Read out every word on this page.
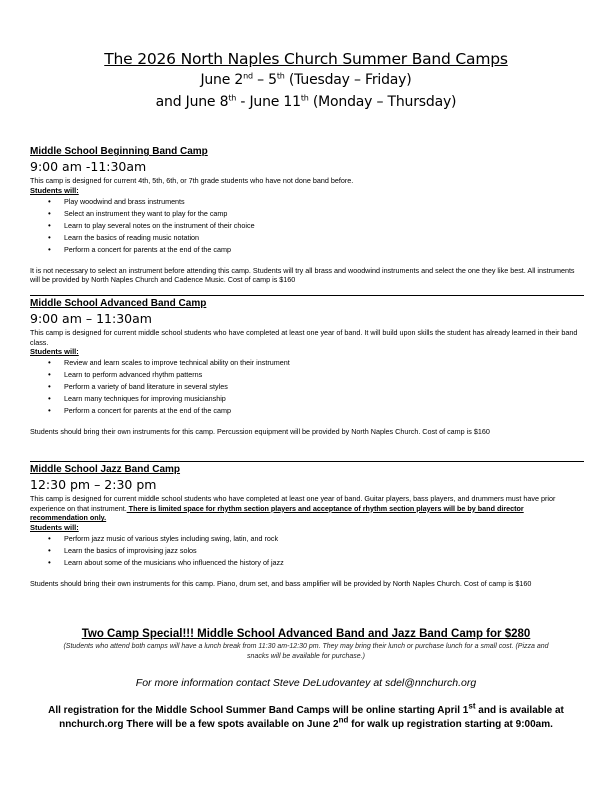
The 2026 North Naples Church Summer Band Camps
June 2nd – 5th (Tuesday – Friday)
and June 8th - June 11th (Monday – Thursday)
Middle School Beginning Band Camp
9:00 am -11:30am
This camp is designed for current 4th, 5th, 6th, or 7th grade students who have not done band before.
Students will:
• Play woodwind and brass instruments
• Select an instrument they want to play for the camp
• Learn to play several notes on the instrument of their choice
• Learn the basics of reading music notation
• Perform a concert for parents at the end of the camp
It is not necessary to select an instrument before attending this camp. Students will try all brass and woodwind instruments and select the one they like best. All instruments will be provided by North Naples Church and Cadence Music. Cost of camp is $160
Middle School Advanced Band Camp
9:00 am – 11:30am
This camp is designed for current middle school students who have completed at least one year of band. It will build upon skills the student has already learned in their band class.
Students will:
• Review and learn scales to improve technical ability on their instrument
• Learn to perform advanced rhythm patterns
• Perform a variety of band literature in several styles
• Learn many techniques for improving musicianship
• Perform a concert for parents at the end of the camp
Students should bring their own instruments for this camp. Percussion equipment will be provided by North Naples Church. Cost of camp is $160
Middle School Jazz Band Camp
12:30 pm – 2:30 pm
This camp is designed for current middle school students who have completed at least one year of band. Guitar players, bass players, and drummers must have prior experience on that instrument. There is limited space for rhythm section players and acceptance of rhythm section players will be by band director recommendation only.
Students will:
• Perform jazz music of various styles including swing, latin, and rock
• Learn the basics of improvising jazz solos
• Learn about some of the musicians who influenced the history of jazz
Students should bring their own instruments for this camp. Piano, drum set, and bass amplifier will be provided by North Naples Church. Cost of camp is $160
Two Camp Special!!! Middle School Advanced Band and Jazz Band Camp for $280
(Students who attend both camps will have a lunch break from 11:30 am-12:30 pm. They may bring their lunch or purchase lunch for a small cost. (Pizza and snacks will be available for purchase.)
For more information contact Steve DeLudovantey at sdel@nnchurch.org
All registration for the Middle School Summer Band Camps will be online starting April 1st and is available at nnchurch.org There will be a few spots available on June 2nd for walk up registration starting at 9:00am.
